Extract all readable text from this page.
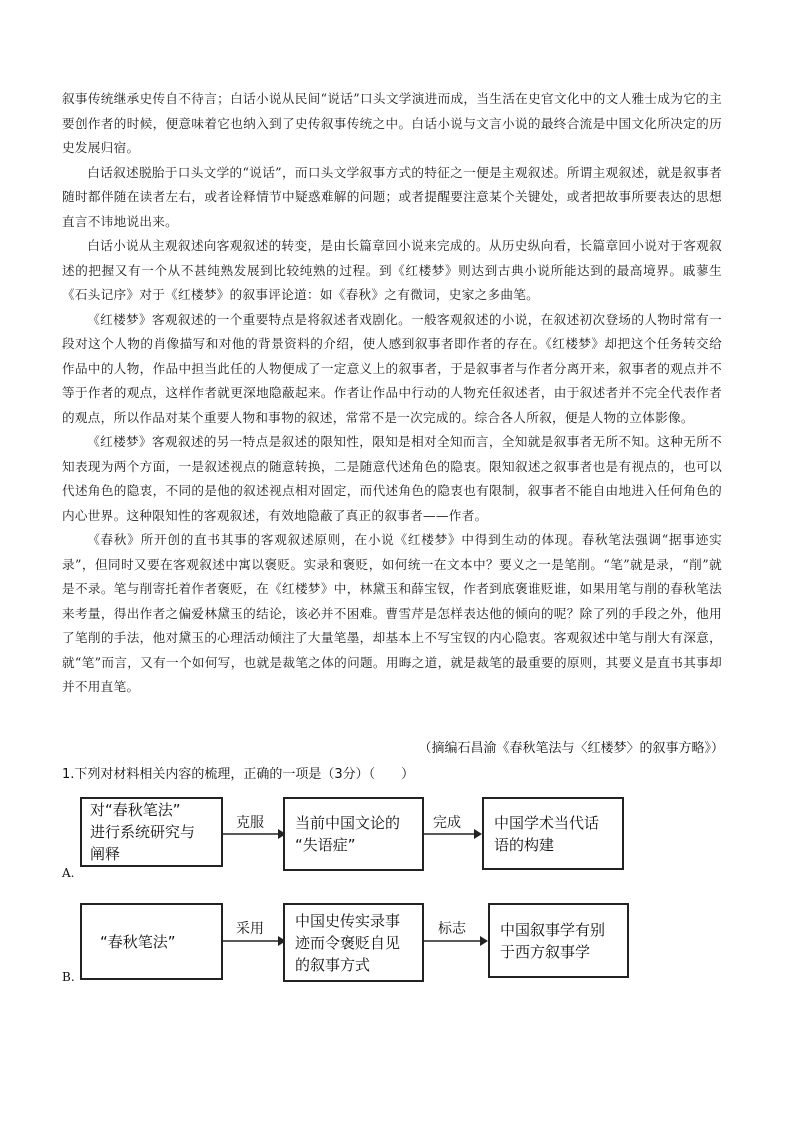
叙事传统继承史传自不待言；白话小说从民间“说话”口头文学演进而成，当生活在史官文化中的文人雅士成为它的主要创作者的时候，便意味着它也纳入到了史传叙事传统之中。白话小说与文言小说的最终合流是中国文化所决定的历史发展归宿。

白话叙述脱胎于口头文学的“说话”，而口头文学叙事方式的特征之一便是主观叙述。所谓主观叙述，就是叙事者随时都伴随在读者左右，或者诠释情节中疑惑难解的问题；或者提醒要注意某个关键处，或者把故事所要表达的思想直言不讳地说出来。

白话小说从主观叙述向客观叙述的转变，是由长篇章回小说来完成的。从历史纵向看，长篇章回小说对于客观叙述的把握又有一个从不甚纯熟发展到比较纯熟的过程。到《红楼梦》则达到古典小说所能达到的最高境界。戚蓼生《石头记序》对于《红楼梦》的叙事评论道：如《春秋》之有微词，史家之多曲笔。

《红楼梦》客观叙述的一个重要特点是将叙述者戏剧化。一般客观叙述的小说，在叙述初次登场的人物时常有一段对这个人物的肖像描写和对他的背景资料的介绍，使人感到叙事者即作者的存在。《红楼梦》却把这个任务转交给作品中的人物，作品中担当此任的人物便成了一定意义上的叙事者，于是叙事者与作者分离开来，叙事者的观点并不等于作者的观点，这样作者就更深地隐蔽起来。作者让作品中行动的人物充任叙述者，由于叙述者并不完全代表作者的观点，所以作品对某个重要人物和事物的叙述，常常不是一次完成的。综合各人所叙，便是人物的立体影像。

《红楼梦》客观叙述的另一特点是叙述的限知性，限知是相对全知而言，全知就是叙事者无所不知。这种无所不知表现为两个方面，一是叙述视点的随意转换，二是随意代述角色的隐衷。限知叙述之叙事者也是有视点的，也可以代述角色的隐衷，不同的是他的叙述视点相对固定，而代述角色的隐衷也有限制，叙事者不能自由地进入任何角色的内心世界。这种限知性的客观叙述，有效地隐蔽了真正的叙事者——作者。

《春秋》所开创的直书其事的客观叙述原则，在小说《红楼梦》中得到生动的体现。春秋笔法强调“据事迹实录”，但同时又要在客观叙述中寓以褒贬。实录和褒贬，如何统一在文本中？要义之一是笔削。“笔”就是录，“削”就是不录。笔与削寄托着作者褒贬，在《红楼梦》中，林黛玉和薛宝钗，作者到底褒谁贬谁，如果用笔与削的春秋笔法来考量，得出作者之偏爱林黛玉的结论，该必并不困难。曹雪芹是怎样表达他的倾向的呢？除了列的手段之外，他用了笔削的手法，他对黛玉的心理活动倾注了大量笔墨，却基本上不写宝钗的内心隐衷。客观叙述中笔与削大有深意，就“笔”而言，又有一个如何写，也就是裁笔之体的问题。用晦之道，就是裁笔的最重要的原则，其要义是直书其事却并不用直笔。

（摘编石昌渝《春秋笔法与〈红楼梦〉的叙事方略》）
1.下列对材料相关内容的梳理，正确的一项是（3分）（　　）
对“春秋笔法”
进行系统研究与
阐释
克服 当前中国文论的
“失语症”
完成 中国学术当代话
语的构建
A.
“春秋笔法”
采用 中国史传实录事
迹而令褒贬自见
的叙事方式
标志 中国叙事学有别
于西方叙事学
B.
